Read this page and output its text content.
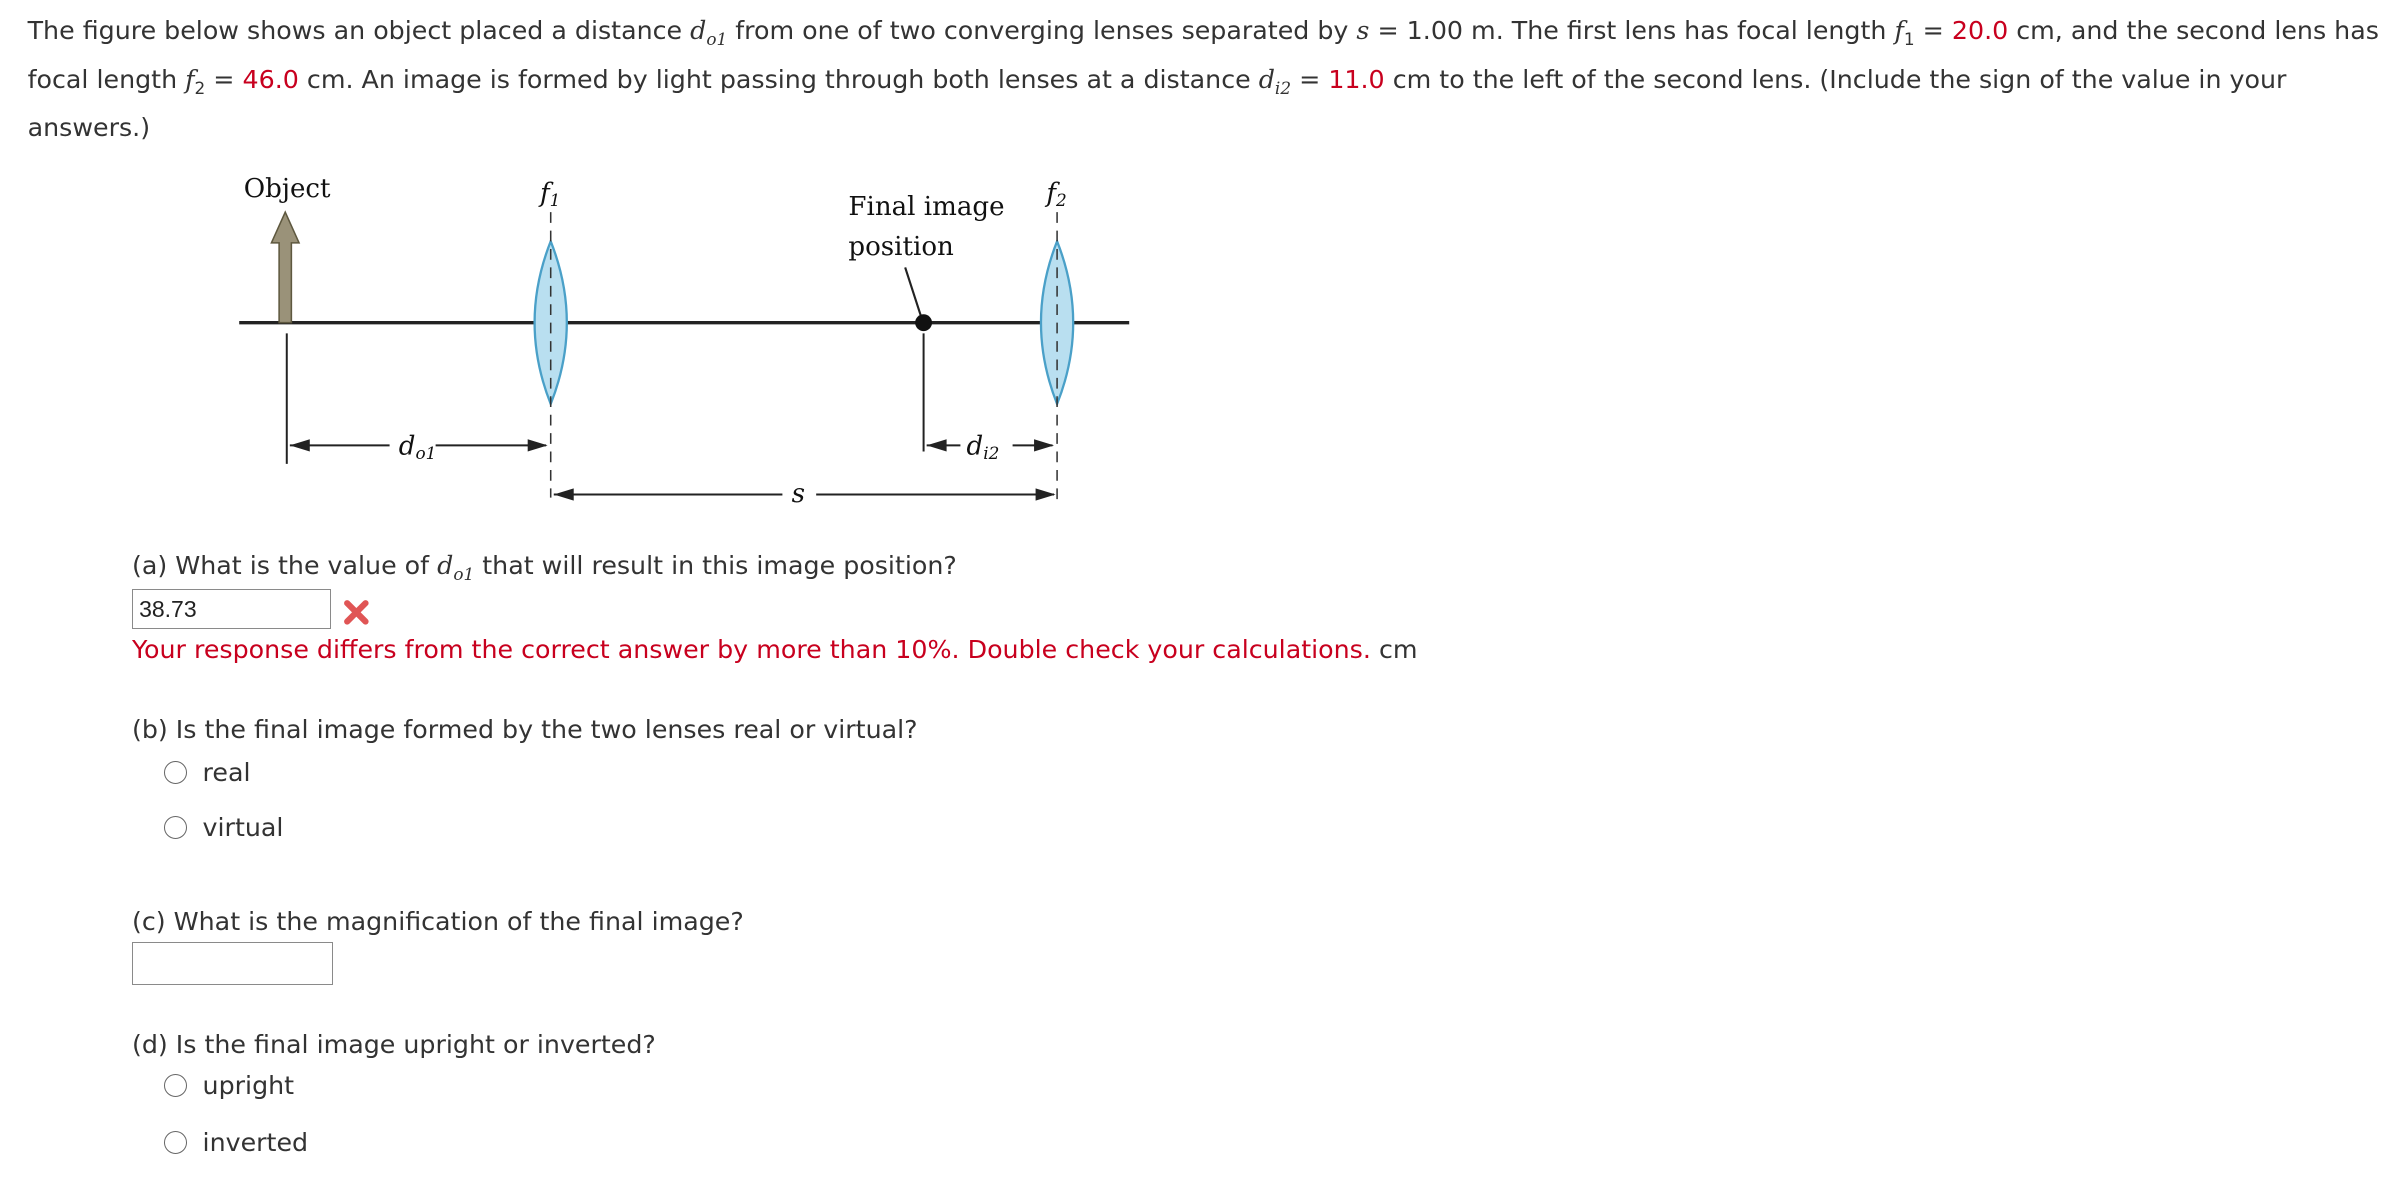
The figure below shows an object placed a distance $d_{o1}$ from one of two converging lenses separated by s = 1.00 m. The first lens has focal length $f_1 = 20.0$ cm, and the second lens has focal length $f_2 = 46.0$ cm. An image is formed by light passing through both lenses at a distance $d_{i2} = 11.0$ cm to the left of the second lens. (Include the sign of the value in your answers.)

Object	f1	f2
Final image position
do1	di2
s
(a) What is the value of $d_{o1}$ that will result in this image position?
38.73
Your response differs from the correct answer by more than 10%. Double check your calculations. cm
(b) Is the final image formed by the two lenses real or virtual?
real
virtual
(c) What is the magnification of the final image?
(d) Is the final image upright or inverted?
upright
inverted
